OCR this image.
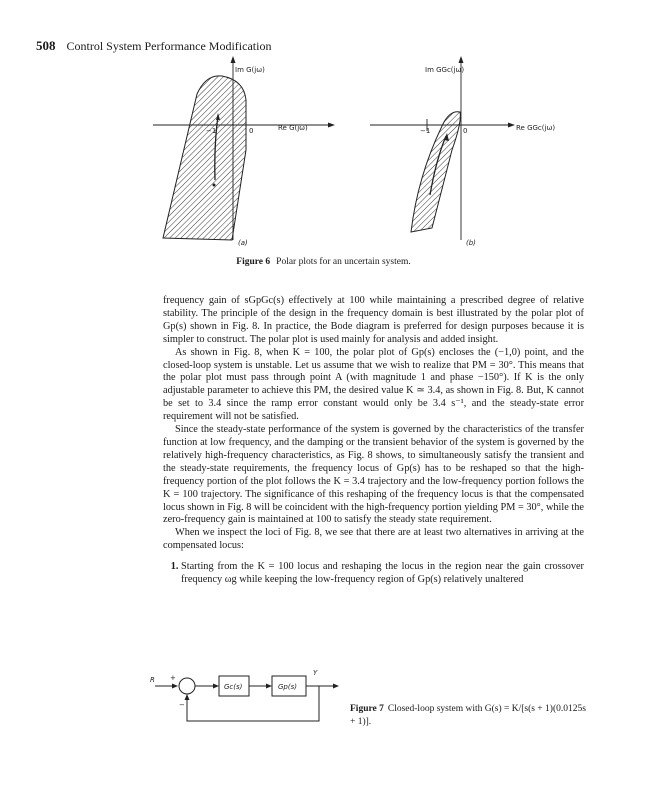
508 Control System Performance Modification
Im G(jω)
Re G(jω)
0
−1
(a)
Im GGc(jω)
Re GGc(jω)
0
−1
(b)
R +
−
Gc(s)	Gp(s)
Y
Figure 6 Polar plots for an uncertain system.

frequency gain of sGpGc(s) effectively at 100 while maintaining a prescribed degree of relative stability. The principle of the design in the frequency domain is best illustrated by the polar plot of Gp(s) shown in Fig. 8. In practice, the Bode diagram is preferred for design purposes because it is simpler to construct. The polar plot is used mainly for analysis and added insight.

As shown in Fig. 8, when K = 100, the polar plot of Gp(s) encloses the (−1,0) point, and the closed-loop system is unstable. Let us assume that we wish to realize that PM = 30°. This means that the polar plot must pass through point A (with magnitude 1 and phase −150°). If K is the only adjustable parameter to achieve this PM, the desired value K ≃ 3.4, as shown in Fig. 8. But, K cannot be set to 3.4 since the ramp error constant would only be 3.4 s⁻¹, and the steady-state error requirement will not be satisfied.

Since the steady-state performance of the system is governed by the characteristics of the transfer function at low frequency, and the damping or the transient behavior of the system is governed by the relatively high-frequency characteristics, as Fig. 8 shows, to simultaneously satisfy the transient and the steady-state requirements, the frequency locus of Gp(s) has to be reshaped so that the high-frequency portion of the plot follows the K = 3.4 trajectory and the low-frequency portion follows the K = 100 trajectory. The significance of this reshaping of the frequency locus is that the compensated locus shown in Fig. 8 will be coincident with the high-frequency portion yielding PM = 30°, while the zero-frequency gain is maintained at 100 to satisfy the steady state requirement.

When we inspect the loci of Fig. 8, we see that there are at least two alternatives in arriving at the compensated locus:

1. Starting from the K = 100 locus and reshaping the locus in the region near the gain crossover frequency ωg while keeping the low-frequency region of Gp(s) relatively unaltered
Figure 7 Closed-loop system with G(s) = K/[s(s + 1)(0.0125s + 1)].
